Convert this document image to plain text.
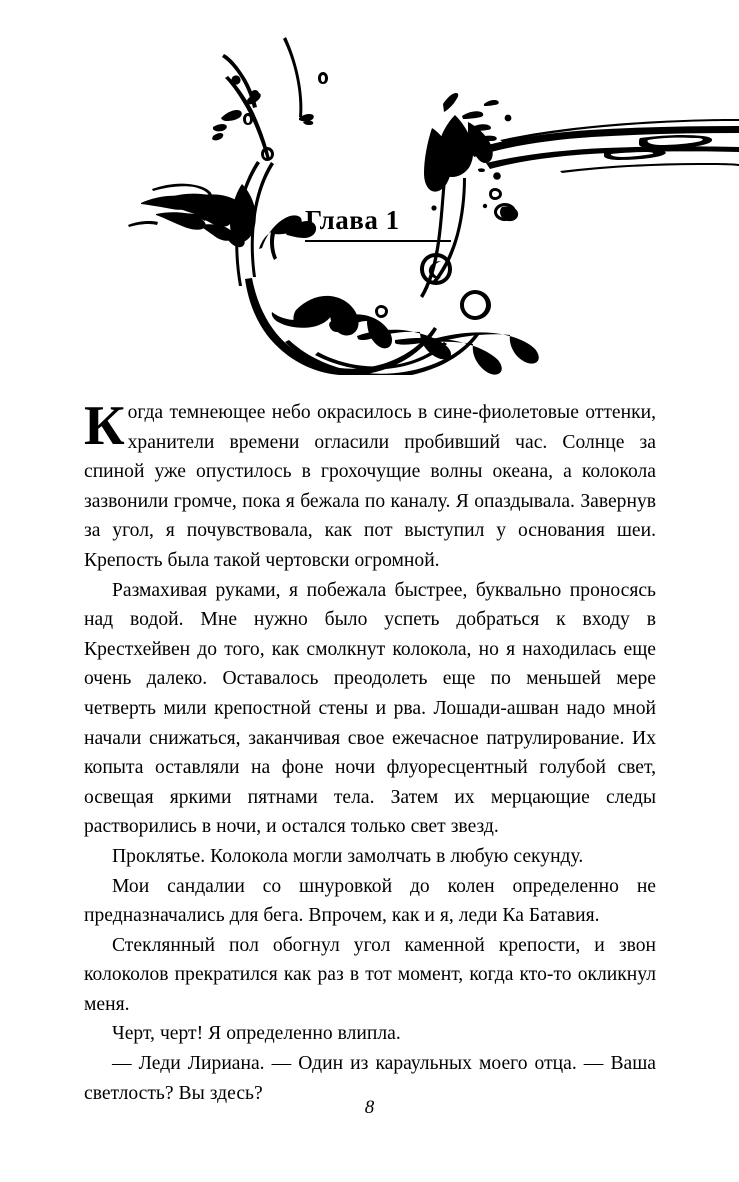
Глава 1

Когда темнеющее небо окрасилось в сине-фиолетовые оттенки, хранители времени огласили пробивший час. Солнце за спиной уже опустилось в грохочущие волны океана, а колокола зазвонили громче, пока я бежала по каналу. Я опаздывала. Завернув за угол, я почувствовала, как пот выступил у основания шеи. Крепость была такой чертовски огромной.

Размахивая руками, я побежала быстрее, буквально проносясь над водой. Мне нужно было успеть добраться к входу в Крестхейвен до того, как смолкнут колокола, но я находилась еще очень далеко. Оставалось преодолеть еще по меньшей мере четверть мили крепостной стены и рва. Лошади-ашван надо мной начали снижаться, заканчивая свое ежечасное патрулирование. Их копыта оставляли на фоне ночи флуоресцентный голубой свет, освещая яркими пятнами тела. Затем их мерцающие следы растворились в ночи, и остался только свет звезд.

Проклятье. Колокола могли замолчать в любую секунду.

Мои сандалии со шнуровкой до колен определенно не предназначались для бега. Впрочем, как и я, леди Ка Батавия.

Стеклянный пол обогнул угол каменной крепости, и звон колоколов прекратился как раз в тот момент, когда кто-то окликнул меня.

Черт, черт! Я определенно влипла.

— Леди Лириана. — Один из караульных моего отца. — Ваша светлость? Вы здесь?

8
